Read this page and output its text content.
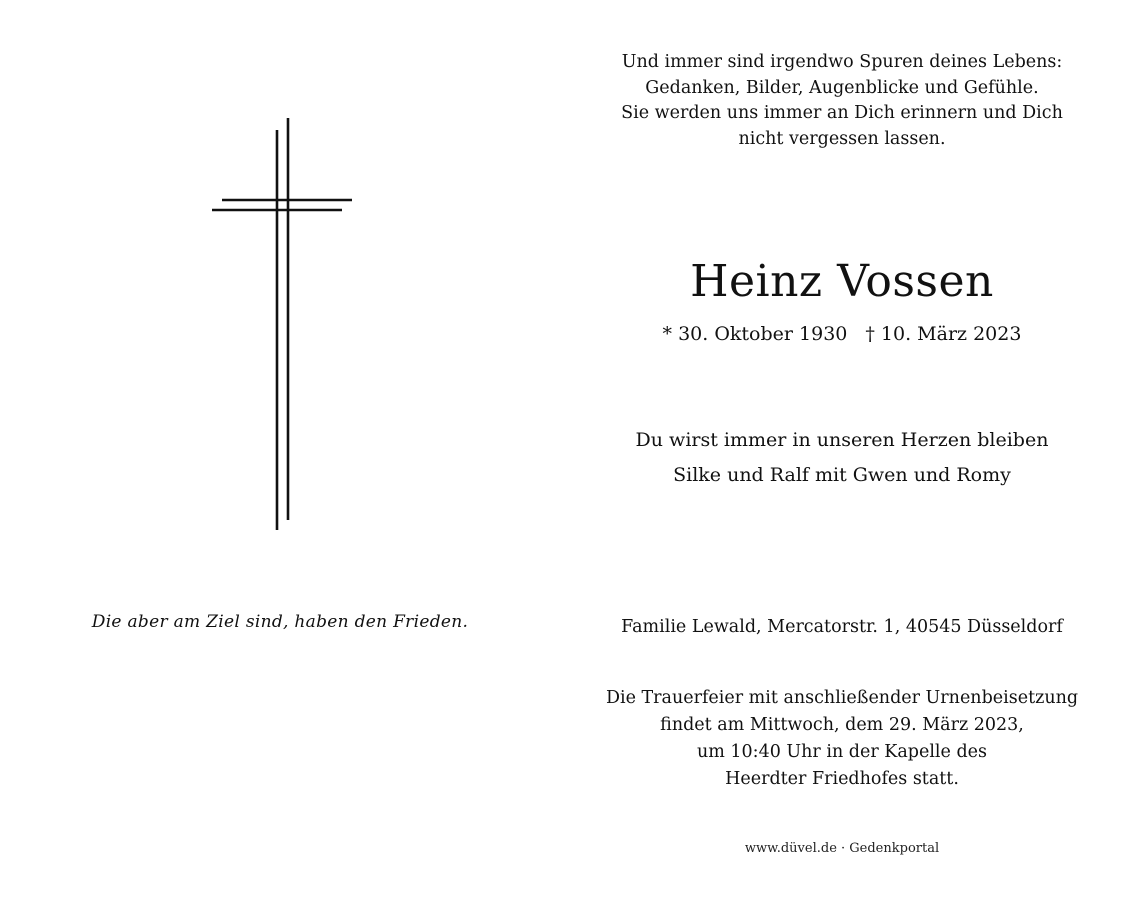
Die aber am Ziel sind, haben den Frieden.
Und immer sind irgendwo Spuren deines Lebens:
Gedanken, Bilder, Augenblicke und Gefühle.
Sie werden uns immer an Dich erinnern und Dich
nicht vergessen lassen.
Heinz Vossen
* 30. Oktober 1930 † 10. März 2023
Du wirst immer in unseren Herzen bleiben
Silke und Ralf mit Gwen und Romy
Familie Lewald, Mercatorstr. 1, 40545 Düsseldorf
Die Trauerfeier mit anschließender Urnenbeisetzung
findet am Mittwoch, dem 29. März 2023,
um 10:40 Uhr in der Kapelle des
Heerdter Friedhofes statt.
www.düvel.de · Gedenkportal
